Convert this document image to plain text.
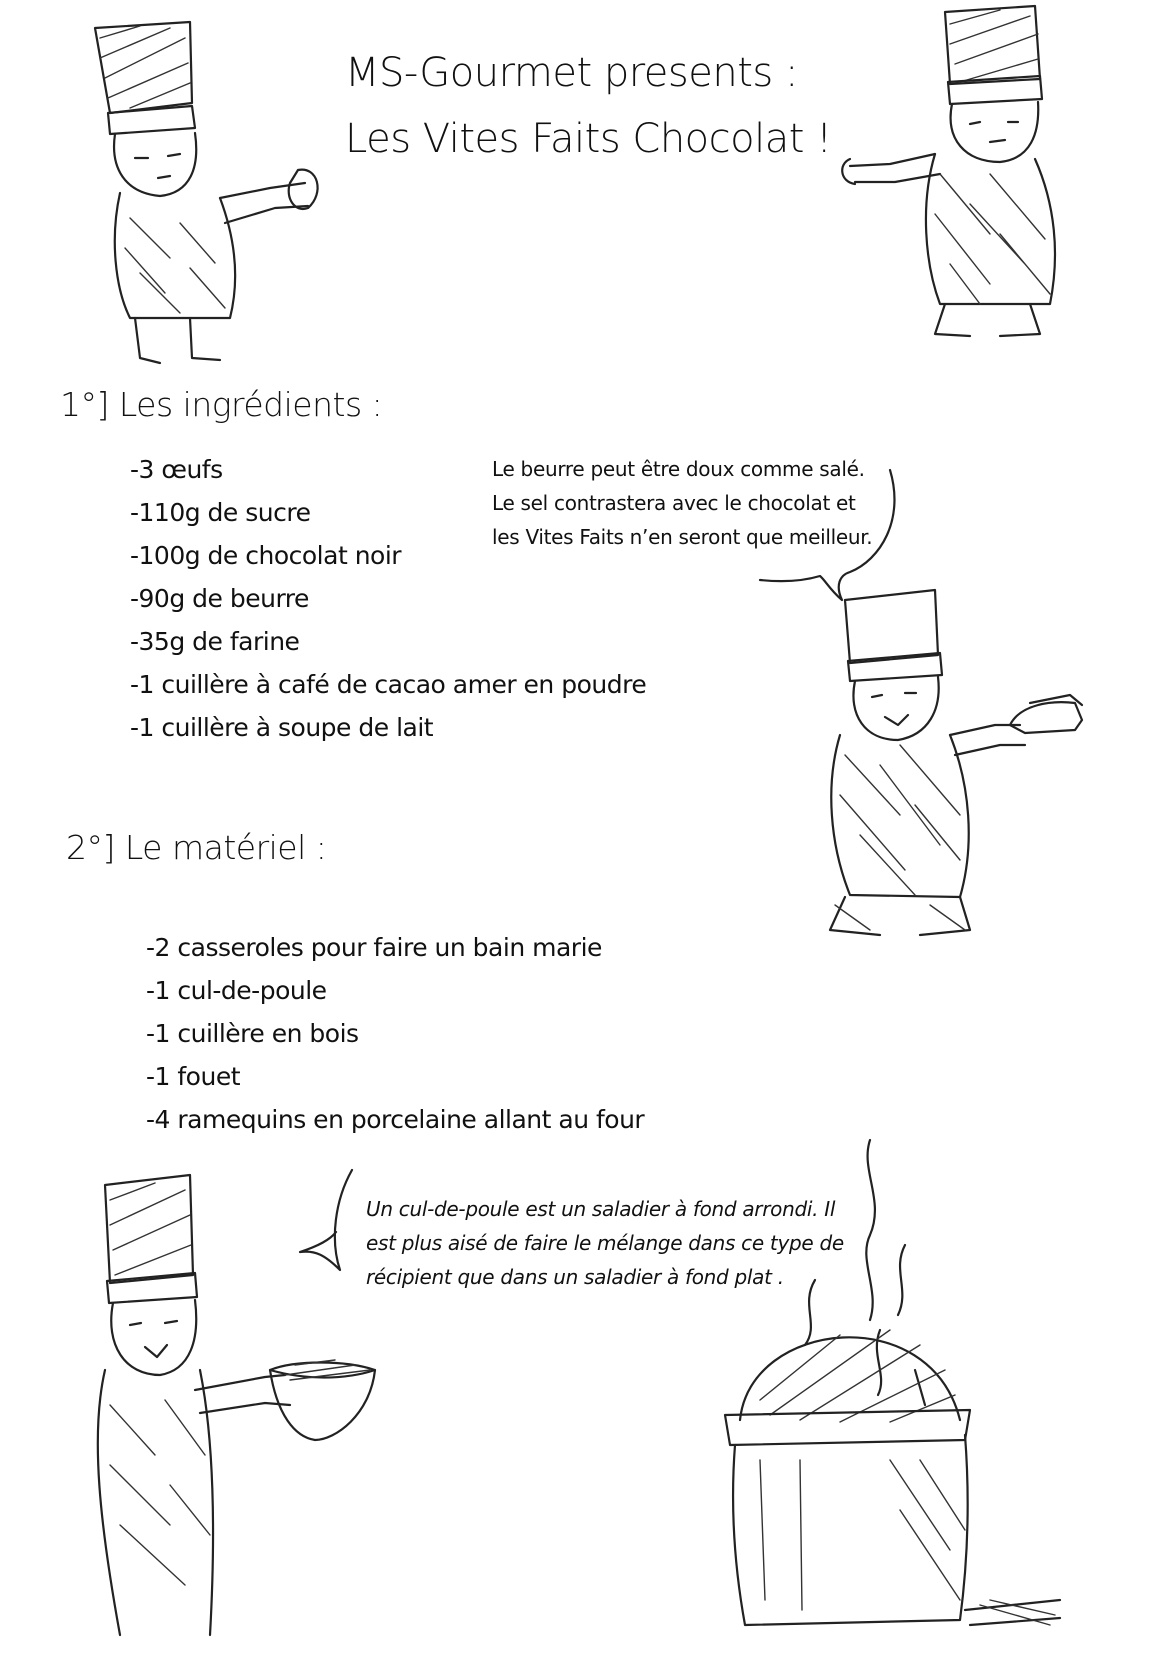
MS-Gourmet presents :
Les Vites Faits Chocolat !
1°] Les ingrédients :
-3 œufs
-110g de sucre
-100g de chocolat noir
-90g de beurre
-35g de farine
-1 cuillère à café de cacao amer en poudre
-1 cuillère à soupe de lait
Le beurre peut être doux comme salé.
Le sel contrastera avec le chocolat et
les Vites Faits n’en seront que meilleur.
2°] Le matériel :
-2 casseroles pour faire un bain marie
-1 cul-de-poule
-1 cuillère en bois
-1 fouet
-4 ramequins en porcelaine allant au four
Un cul-de-poule est un saladier à fond arrondi. Il
est plus aisé de faire le mélange dans ce type de
récipient que dans un saladier à fond plat .
